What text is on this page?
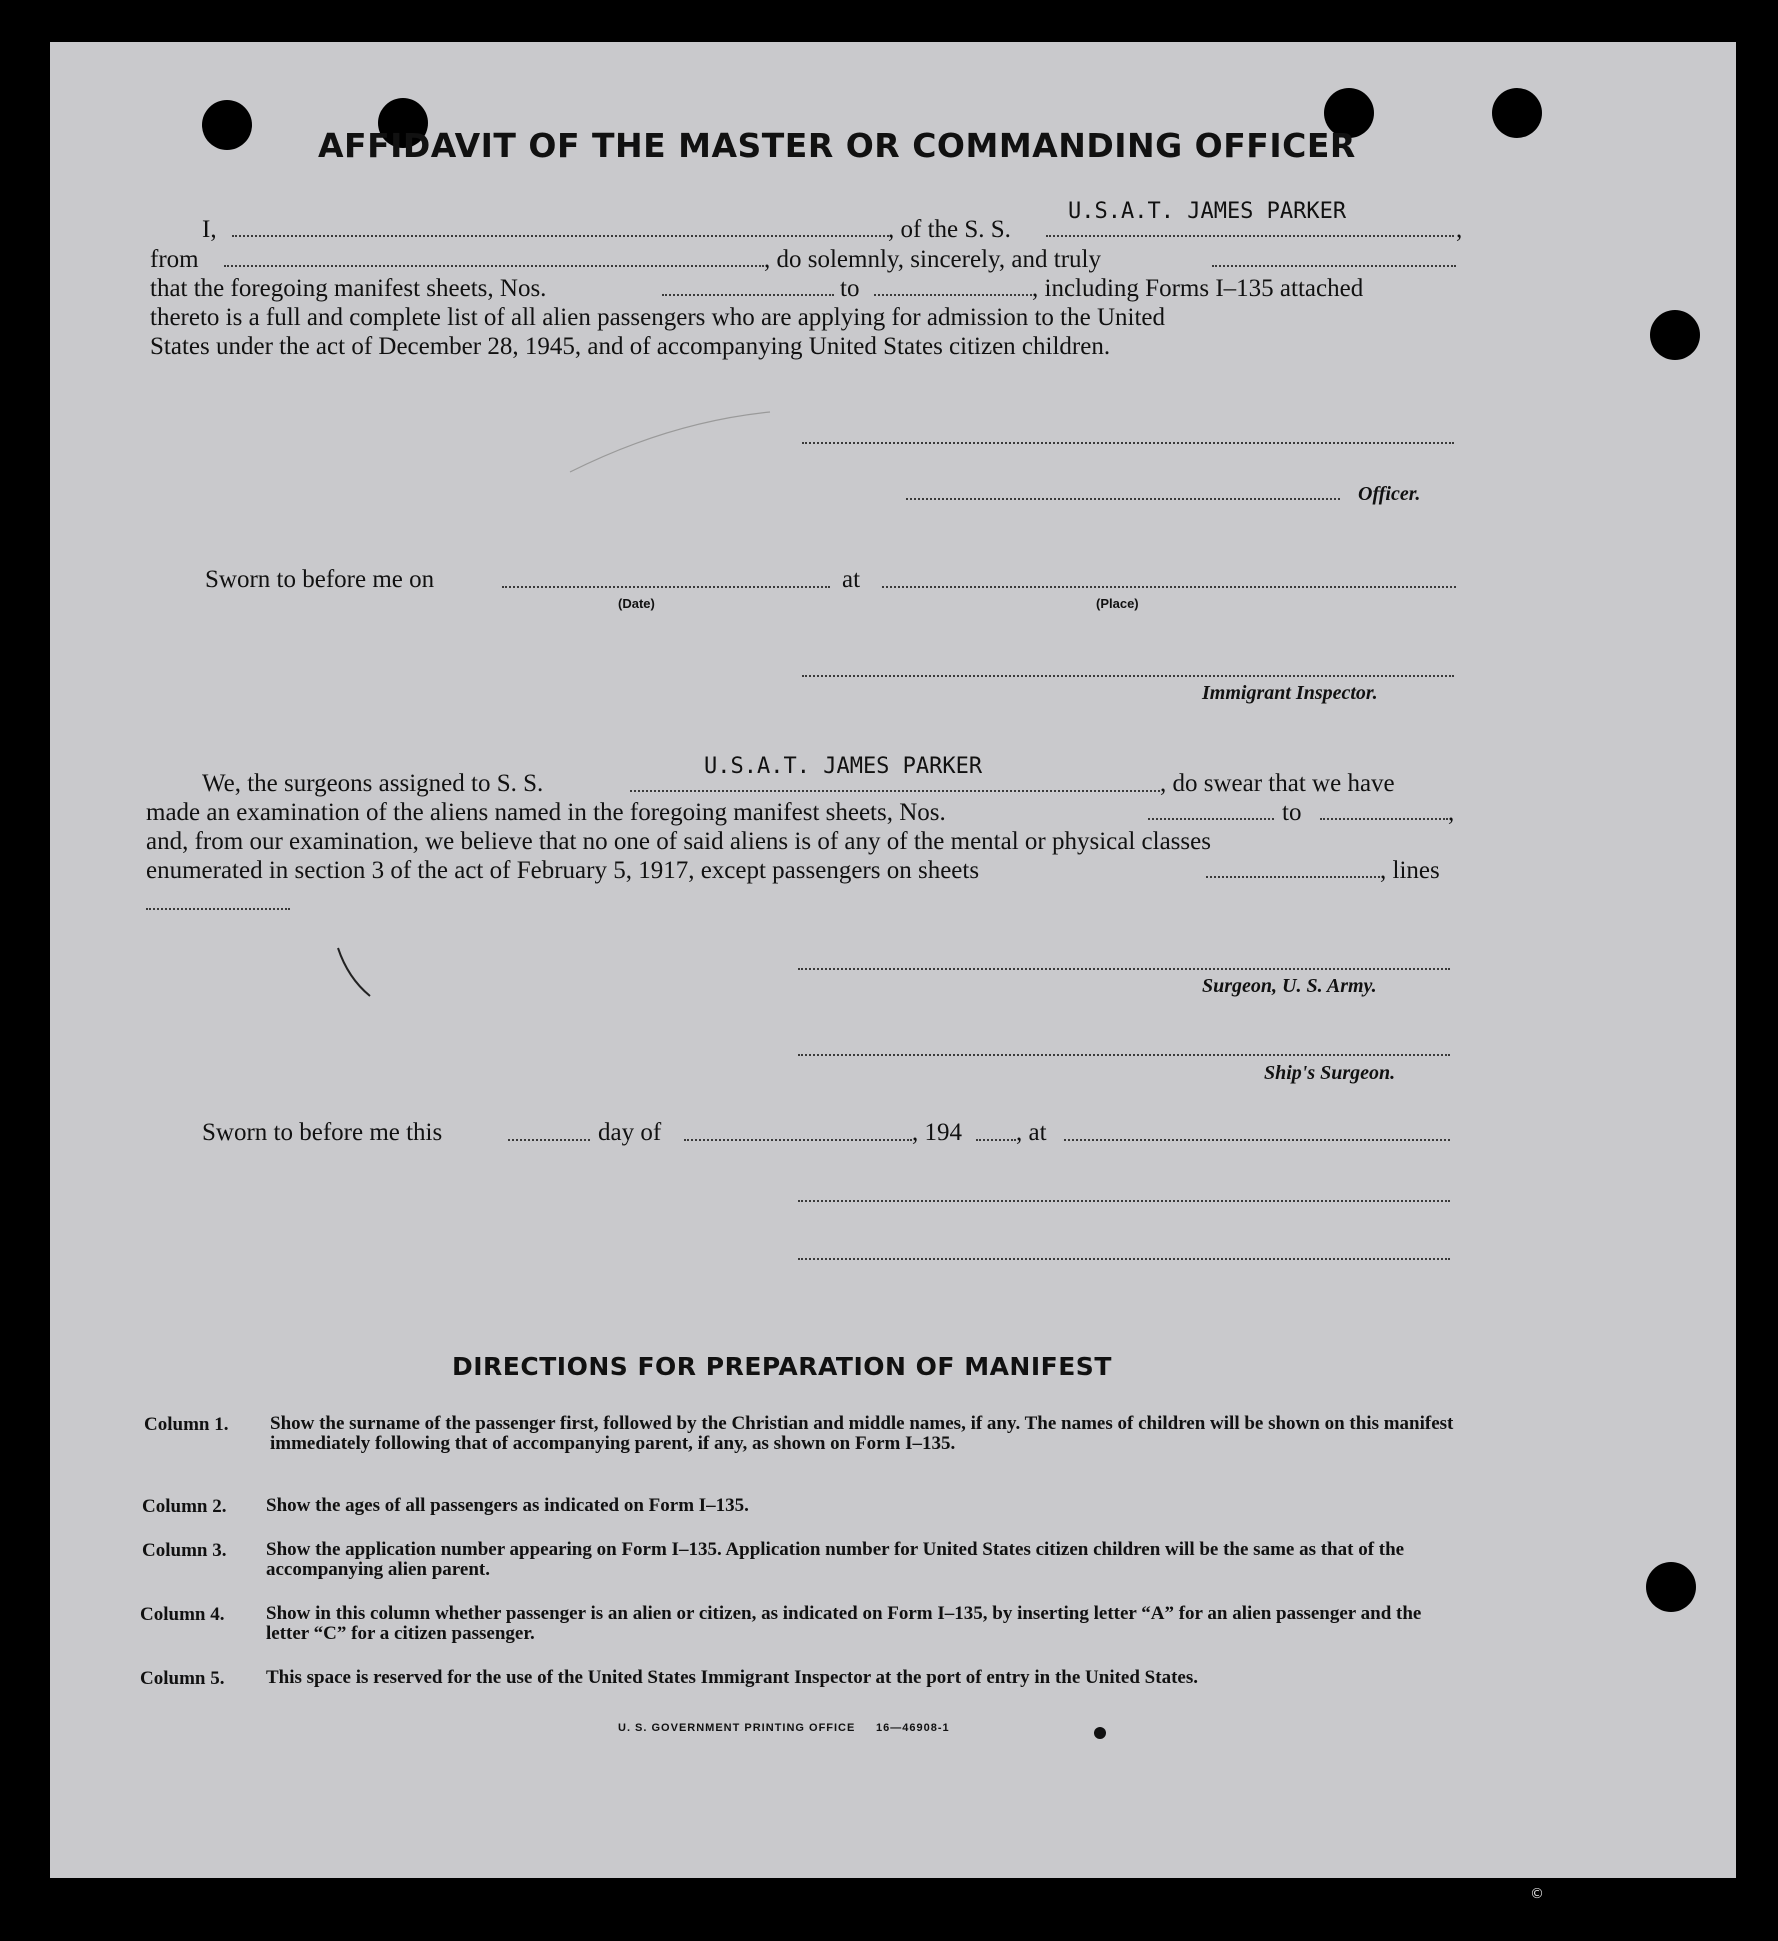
AFFIDAVIT OF THE MASTER OR COMMANDING OFFICER
I,	, of the S. S.
U.S.A.T. JAMES PARKER
,
from	, do solemnly, sincerely, and truly
that the foregoing manifest sheets, Nos.	to	, including Forms I–135 attached
thereto is a full and complete list of all alien passengers who are applying for admission to the United
States under the act of December 28, 1945, and of accompanying United States citizen children.
Officer.
Sworn to before me on	at
(Date)	(Place)
Immigrant Inspector.
We, the surgeons assigned to S. S.
U.S.A.T. JAMES PARKER
, do swear that we have
made an examination of the aliens named in the foregoing manifest sheets, Nos.	to	,
and, from our examination, we believe that no one of said aliens is of any of the mental or physical classes
enumerated in section 3 of the act of February 5, 1917, except passengers on sheets	, lines
Surgeon, U. S. Army.
Ship's Surgeon.
Sworn to before me this	day of	, 194 , at
DIRECTIONS FOR PREPARATION OF MANIFEST
Column 1. Show the surname of the passenger first, followed by the Christian and middle names, if any. The names of children will be shown on this manifest immediately following that of accompanying parent, if any, as shown on Form I–135.
Column 2. Show the ages of all passengers as indicated on Form I–135.
Column 3. Show the application number appearing on Form I–135. Application number for United States citizen children will be the same as that of the accompanying alien parent.
Column 4. Show in this column whether passenger is an alien or citizen, as indicated on Form I–135, by inserting letter “A” for an alien passenger and the letter “C” for a citizen passenger.
Column 5. This space is reserved for the use of the United States Immigrant Inspector at the port of entry in the United States.
U. S. GOVERNMENT PRINTING OFFICE 16—46908-1
©
